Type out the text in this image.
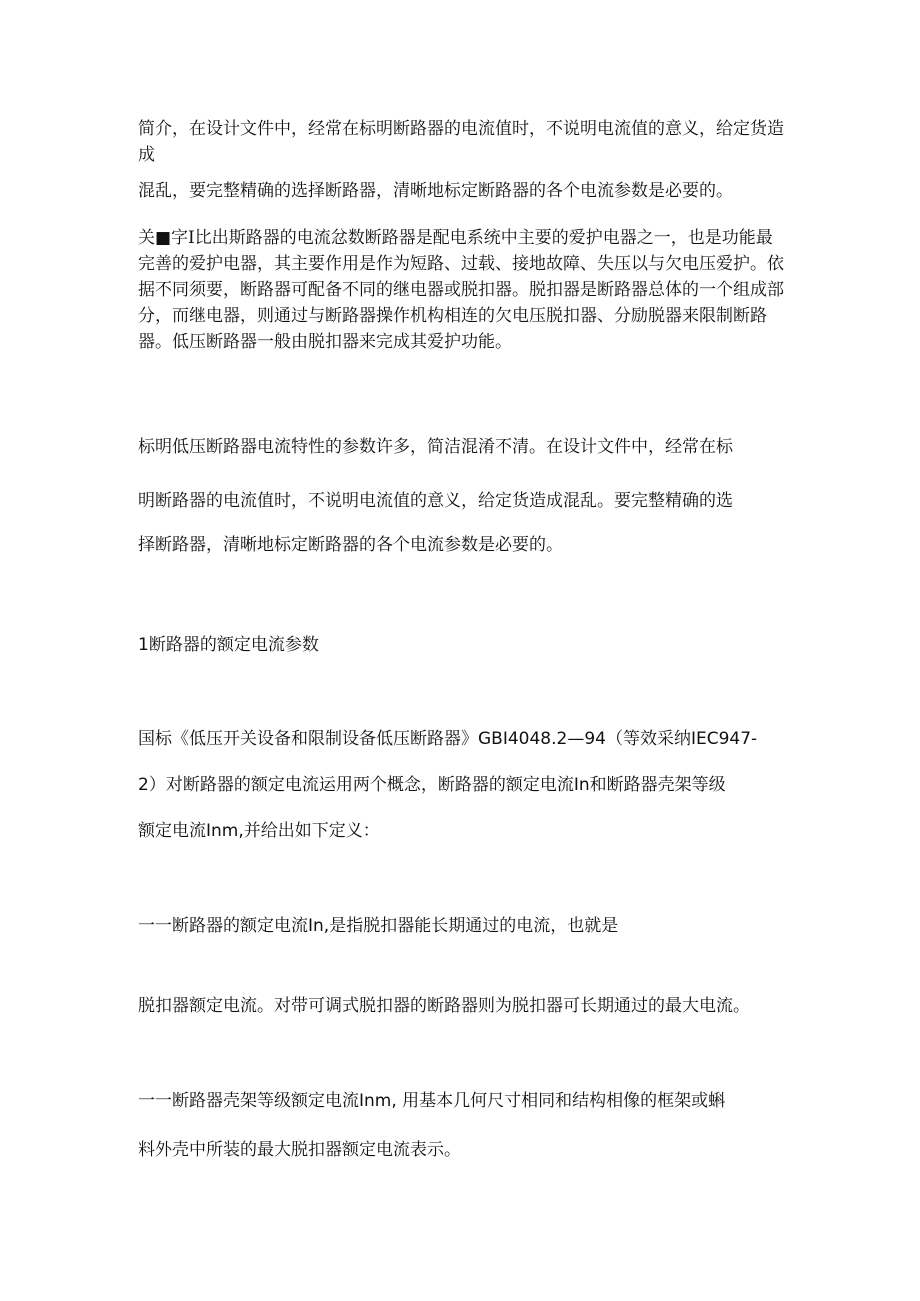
简介，在设计文件中，经常在标明断路器的电流值时，不说明电流值的意义，给定货造成

混乱，要完整精确的选择断路器，清晰地标定断路器的各个电流参数是必要的。

关■字I比出斯路器的电流忿数断路器是配电系统中主要的爱护电器之一，也是功能最完善的爱护电器，其主要作用是作为短路、过载、接地故障、失压以与欠电压爱护。依据不同须要，断路器可配备不同的继电器或脱扣器。脱扣器是断路器总体的一个组成部分，而继电器，则通过与断路器操作机构相连的欠电压脱扣器、分励脱器来限制断路器。低压断路器一般由脱扣器来完成其爱护功能。

标明低压断路器电流特性的参数许多，简洁混淆不清。在设计文件中，经常在标

明断路器的电流值时，不说明电流值的意义，给定货造成混乱。要完整精确的选

择断路器，清晰地标定断路器的各个电流参数是必要的。

1断路器的额定电流参数

国标《低压开关设备和限制设备低压断路器》GBI4048.2—94（等效采纳IEC947-

2）对断路器的额定电流运用两个概念，断路器的额定电流In和断路器壳架等级

额定电流Inm,并给出如下定义：

一一断路器的额定电流In,是指脱扣器能长期通过的电流，也就是

脱扣器额定电流。对带可调式脱扣器的断路器则为脱扣器可长期通过的最大电流。

一一断路器壳架等级额定电流Inm, 用基本几何尺寸相同和结构相像的框架或蝌

料外壳中所装的最大脱扣器额定电流表示。
